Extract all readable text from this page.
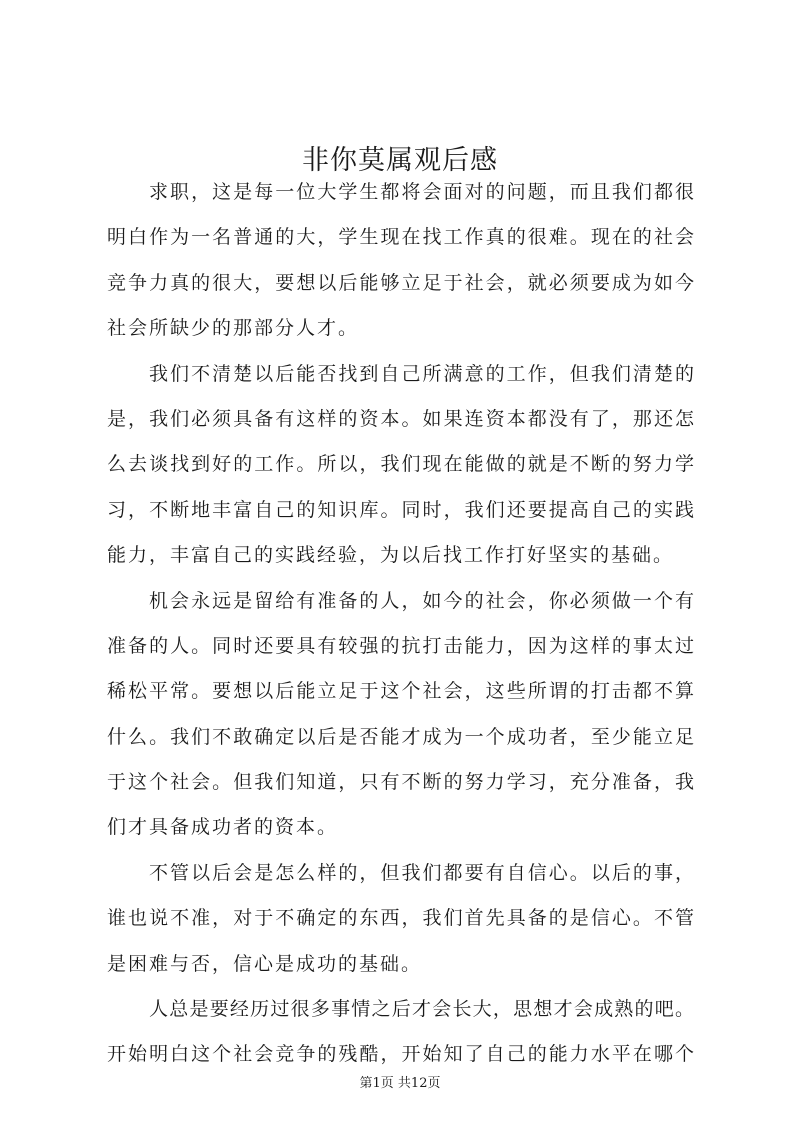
非你莫属观后感
求职，这是每一位大学生都将会面对的问题，而且我们都很
明白作为一名普通的大，学生现在找工作真的很难。现在的社会
竞争力真的很大，要想以后能够立足于社会，就必须要成为如今
社会所缺少的那部分人才。
我们不清楚以后能否找到自己所满意的工作，但我们清楚的
是，我们必须具备有这样的资本。如果连资本都没有了，那还怎
么去谈找到好的工作。所以，我们现在能做的就是不断的努力学
习，不断地丰富自己的知识库。同时，我们还要提高自己的实践
能力，丰富自己的实践经验，为以后找工作打好坚实的基础。
机会永远是留给有准备的人，如今的社会，你必须做一个有
准备的人。同时还要具有较强的抗打击能力，因为这样的事太过
稀松平常。要想以后能立足于这个社会，这些所谓的打击都不算
什么。我们不敢确定以后是否能才成为一个成功者，至少能立足
于这个社会。但我们知道，只有不断的努力学习，充分准备，我
们才具备成功者的资本。
不管以后会是怎么样的，但我们都要有自信心。以后的事，
谁也说不准，对于不确定的东西，我们首先具备的是信心。不管
是困难与否，信心是成功的基础。
人总是要经历过很多事情之后才会长大，思想才会成熟的吧。
开始明白这个社会竞争的残酷，开始知了自己的能力水平在哪个
第1页 共12页
